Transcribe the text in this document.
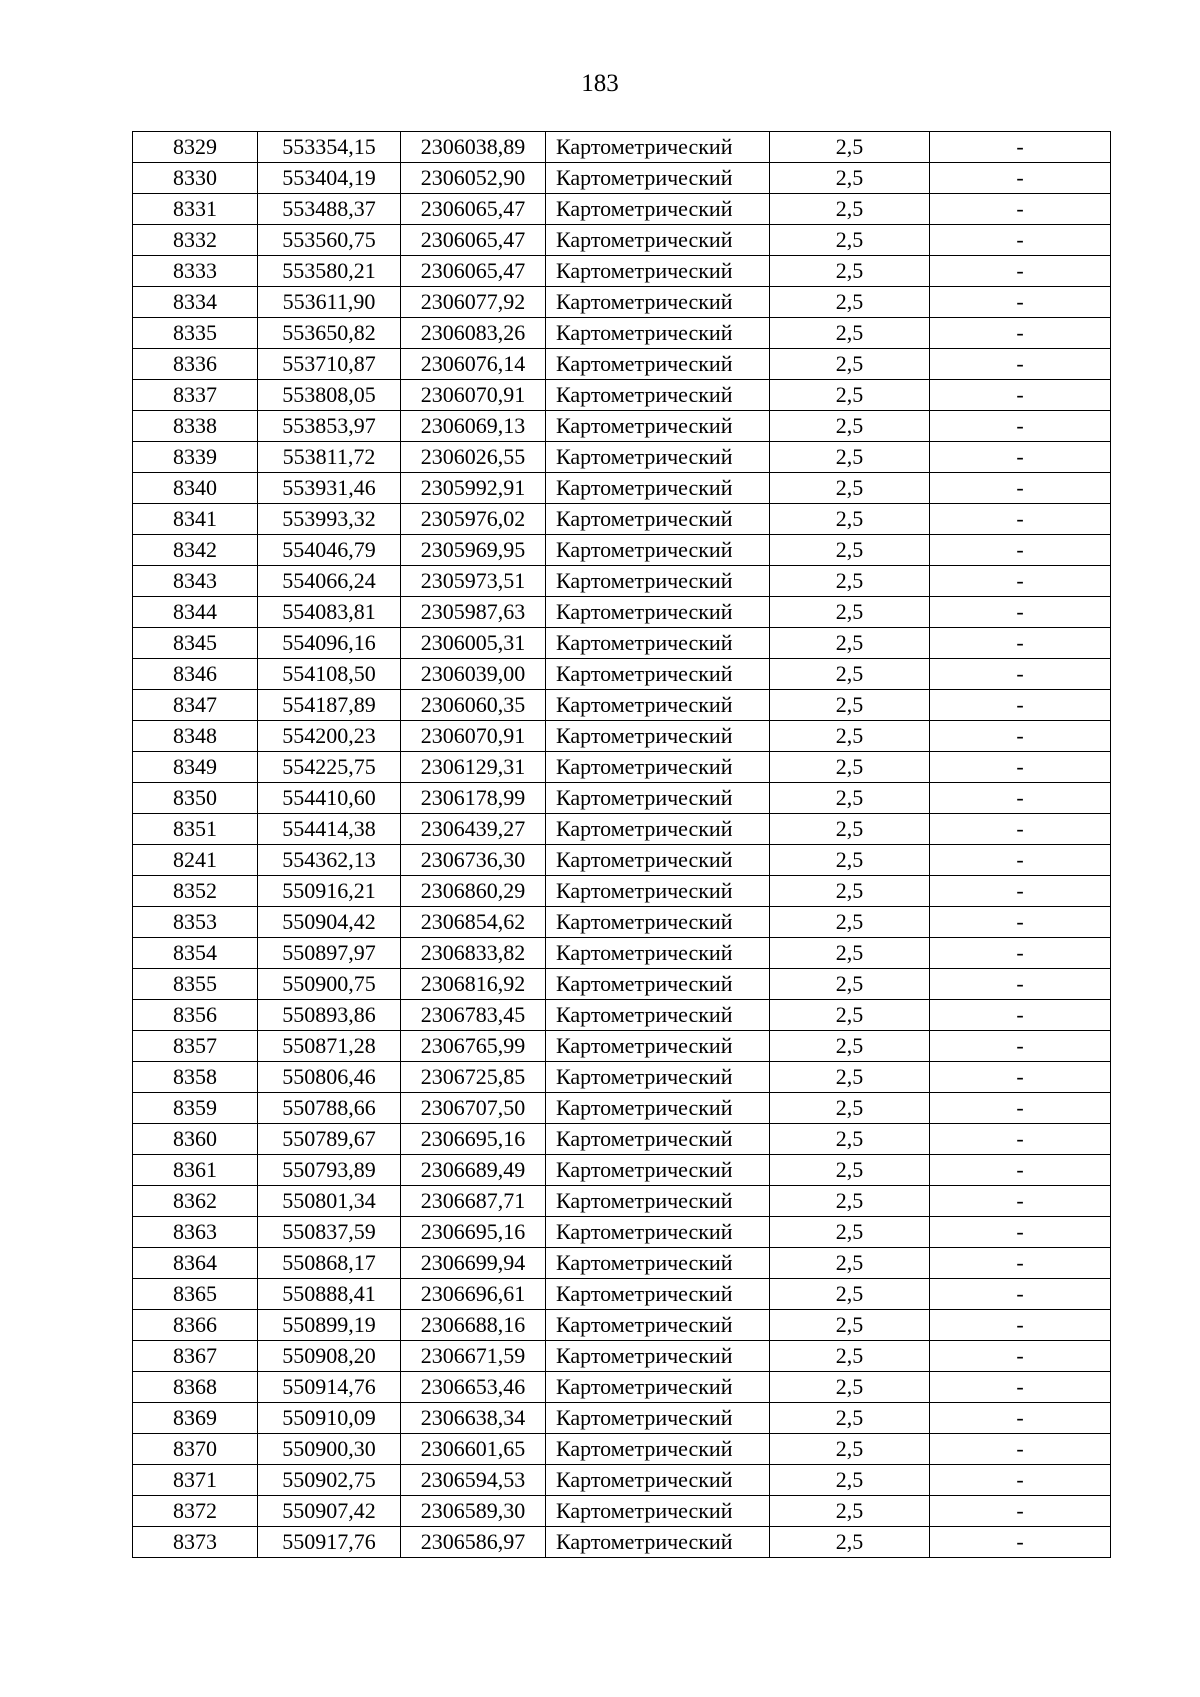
183
8329	553354,15	2306038,89	Картометрический	2,5	-
8330	553404,19	2306052,90	Картометрический	2,5	-
8331	553488,37	2306065,47	Картометрический	2,5	-
8332	553560,75	2306065,47	Картометрический	2,5	-
8333	553580,21	2306065,47	Картометрический	2,5	-
8334	553611,90	2306077,92	Картометрический	2,5	-
8335	553650,82	2306083,26	Картометрический	2,5	-
8336	553710,87	2306076,14	Картометрический	2,5	-
8337	553808,05	2306070,91	Картометрический	2,5	-
8338	553853,97	2306069,13	Картометрический	2,5	-
8339	553811,72	2306026,55	Картометрический	2,5	-
8340	553931,46	2305992,91	Картометрический	2,5	-
8341	553993,32	2305976,02	Картометрический	2,5	-
8342	554046,79	2305969,95	Картометрический	2,5	-
8343	554066,24	2305973,51	Картометрический	2,5	-
8344	554083,81	2305987,63	Картометрический	2,5	-
8345	554096,16	2306005,31	Картометрический	2,5	-
8346	554108,50	2306039,00	Картометрический	2,5	-
8347	554187,89	2306060,35	Картометрический	2,5	-
8348	554200,23	2306070,91	Картометрический	2,5	-
8349	554225,75	2306129,31	Картометрический	2,5	-
8350	554410,60	2306178,99	Картометрический	2,5	-
8351	554414,38	2306439,27	Картометрический	2,5	-
8241	554362,13	2306736,30	Картометрический	2,5	-
8352	550916,21	2306860,29	Картометрический	2,5	-
8353	550904,42	2306854,62	Картометрический	2,5	-
8354	550897,97	2306833,82	Картометрический	2,5	-
8355	550900,75	2306816,92	Картометрический	2,5	-
8356	550893,86	2306783,45	Картометрический	2,5	-
8357	550871,28	2306765,99	Картометрический	2,5	-
8358	550806,46	2306725,85	Картометрический	2,5	-
8359	550788,66	2306707,50	Картометрический	2,5	-
8360	550789,67	2306695,16	Картометрический	2,5	-
8361	550793,89	2306689,49	Картометрический	2,5	-
8362	550801,34	2306687,71	Картометрический	2,5	-
8363	550837,59	2306695,16	Картометрический	2,5	-
8364	550868,17	2306699,94	Картометрический	2,5	-
8365	550888,41	2306696,61	Картометрический	2,5	-
8366	550899,19	2306688,16	Картометрический	2,5	-
8367	550908,20	2306671,59	Картометрический	2,5	-
8368	550914,76	2306653,46	Картометрический	2,5	-
8369	550910,09	2306638,34	Картометрический	2,5	-
8370	550900,30	2306601,65	Картометрический	2,5	-
8371	550902,75	2306594,53	Картометрический	2,5	-
8372	550907,42	2306589,30	Картометрический	2,5	-
8373	550917,76	2306586,97	Картометрический	2,5	-
